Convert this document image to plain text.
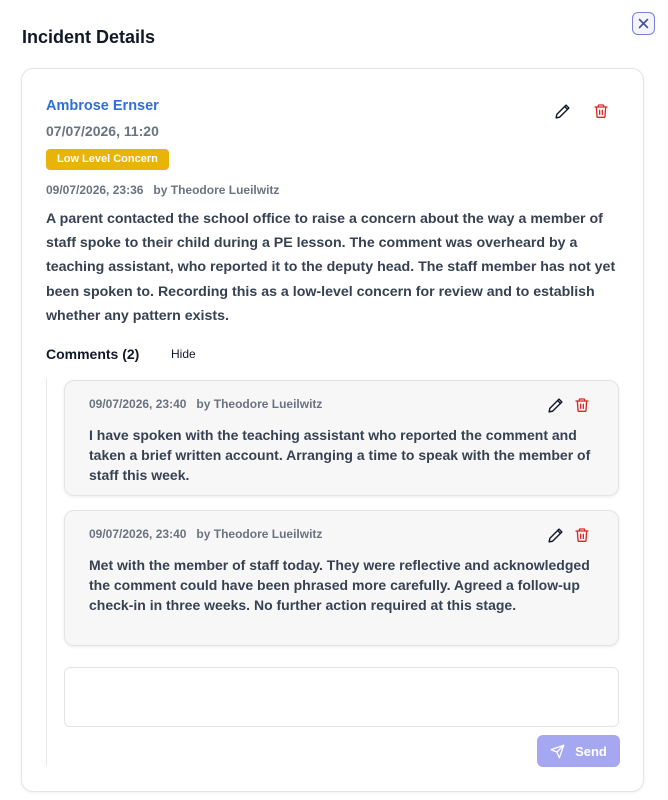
Incident Details
Ambrose Ernser
07/07/2026, 11:20
Low Level Concern
09/07/2026, 23:36 by Theodore Lueilwitz
A parent contacted the school office to raise a concern about the way a member of staff spoke to their child during a PE lesson. The comment was overheard by a teaching assistant, who reported it to the deputy head. The staff member has not yet been spoken to. Recording this as a low-level concern for review and to establish whether any pattern exists.
Comments (2)	Hide
09/07/2026, 23:40 by Theodore Lueilwitz
I have spoken with the teaching assistant who reported the comment and taken a brief written account. Arranging a time to speak with the member of staff this week.
09/07/2026, 23:40 by Theodore Lueilwitz
Met with the member of staff today. They were reflective and acknowledged the comment could have been phrased more carefully. Agreed a follow-up check-in in three weeks. No further action required at this stage.
Send
